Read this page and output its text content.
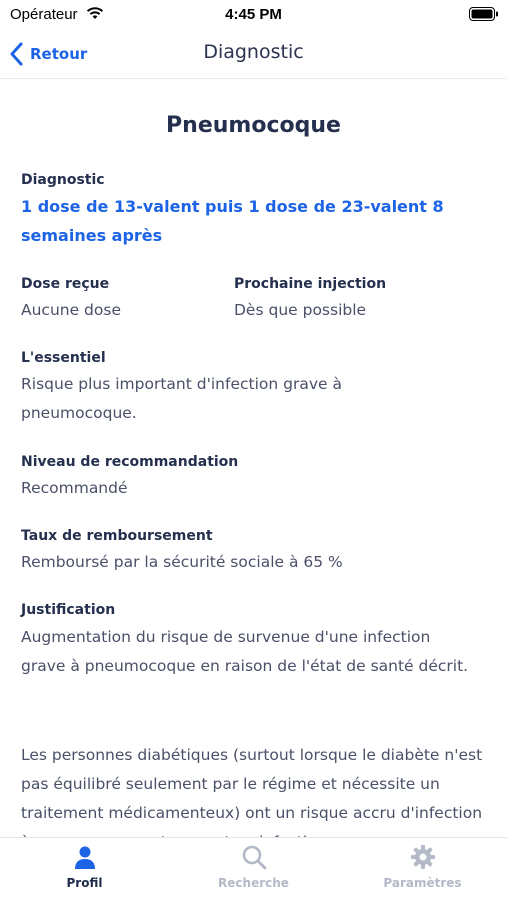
Opérateur	4:45 PM
Retour	Diagnostic
Pneumocoque
Diagnostic
1 dose de 13-valent puis 1 dose de 23-valent 8 semaines après
Dose reçue
Aucune dose
Prochaine injection
Dès que possible
L'essentiel
Risque plus important d'infection grave à pneumocoque.
Niveau de recommandation
Recommandé
Taux de remboursement
Remboursé par la sécurité sociale à 65 %
Justification
Augmentation du risque de survenue d'une infection grave à pneumocoque en raison de l'état de santé décrit.
Les personnes diabétiques (surtout lorsque le diabète n'est pas équilibré seulement par le régime et nécessite un traitement médicamenteux) ont un risque accru d'infection
Profil	Recherche	Paramètres
